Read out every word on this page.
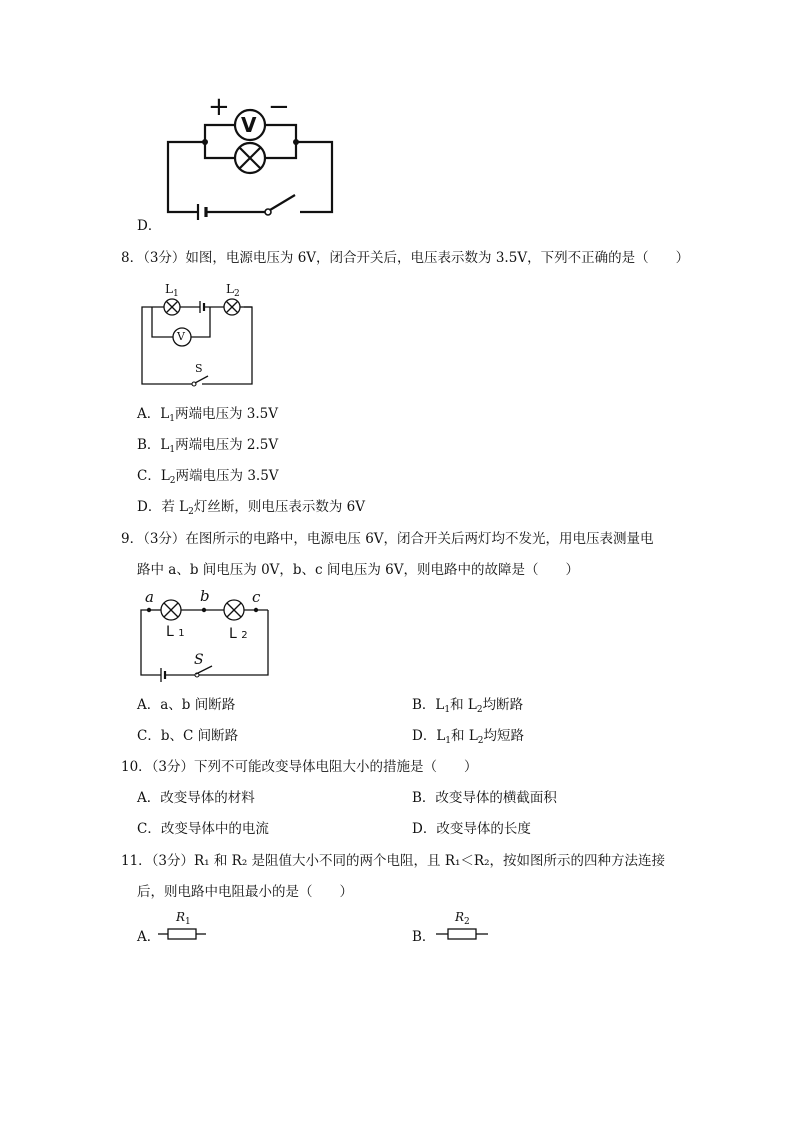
V
+ −
D．
8．（3分）如图，电源电压为 6V，闭合开关后，电压表示数为 3.5V，下列不正确的是（　　）
V
$L_1$	$L_2$
S
A．$L_1$两端电压为 3.5V
B．$L_1$两端电压为 2.5V
C．$L_2$两端电压为 3.5V
D．若 $L_2$灯丝断，则电压表示数为 6V
9．（3分）在图所示的电路中，电源电压 6V，闭合开关后两灯均不发光，用电压表测量电
路中 a、b 间电压为 0V，b、c 间电压为 6V，则电路中的故障是（　　）
a	b	c
L 1	L 2
S
A．a、b 间断路	B．$L_1$和 $L_2$均断路
C．b、C 间断路	D．$L_1$和 $L_2$均短路
10．（3分）下列不可能改变导体电阻大小的措施是（　　）
A．改变导体的材料	B．改变导体的横截面积
C．改变导体中的电流	D．改变导体的长度
11．（3分）R₁ 和 R₂ 是阻值大小不同的两个电阻，且 R₁＜R₂，按如图所示的四种方法连接
后，则电路中电阻最小的是（　　）
A．
$R_1$
B．
$R_2$
